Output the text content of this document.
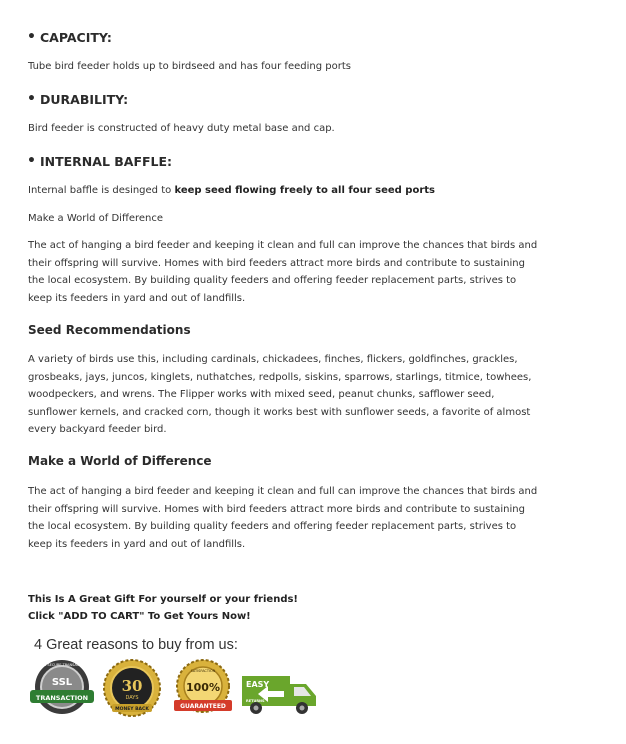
• CAPACITY:
Tube bird feeder holds up to birdseed and has four feeding ports
• DURABILITY:
Bird feeder is constructed of heavy duty metal base and cap.
• INTERNAL BAFFLE:
Internal baffle is desinged to keep seed flowing freely to all four seed ports
Make a World of Difference
The act of hanging a bird feeder and keeping it clean and full can improve the chances that birds and their offspring will survive. Homes with bird feeders attract more birds and contribute to sustaining the local ecosystem. By building quality feeders and offering feeder replacement parts, strives to keep its feeders in yard and out of landfills.
Seed Recommendations
A variety of birds use this, including cardinals, chickadees, finches, flickers, goldfinches, grackles, grosbeaks, jays, juncos, kinglets, nuthatches, redpolls, siskins, sparrows, starlings, titmice, towhees, woodpeckers, and wrens. The Flipper works with mixed seed, peanut chunks, safflower seed, sunflower kernels, and cracked corn, though it works best with sunflower seeds, a favorite of almost every backyard feeder bird.
Make a World of Difference
The act of hanging a bird feeder and keeping it clean and full can improve the chances that birds and their offspring will survive. Homes with bird feeders attract more birds and contribute to sustaining the local ecosystem. By building quality feeders and offering feeder replacement parts, strives to keep its feeders in yard and out of landfills.
This Is A Great Gift For yourself or your friends!
Click "ADD TO CART" To Get Yours Now!
4 Great reasons to buy from us:
SSL
TRANSACTION
100% SECURE TRANSACTION
30
DAYS
MONEY BACK
100%
SATISFACTION
GUARANTEED
EASY
RETURNS
